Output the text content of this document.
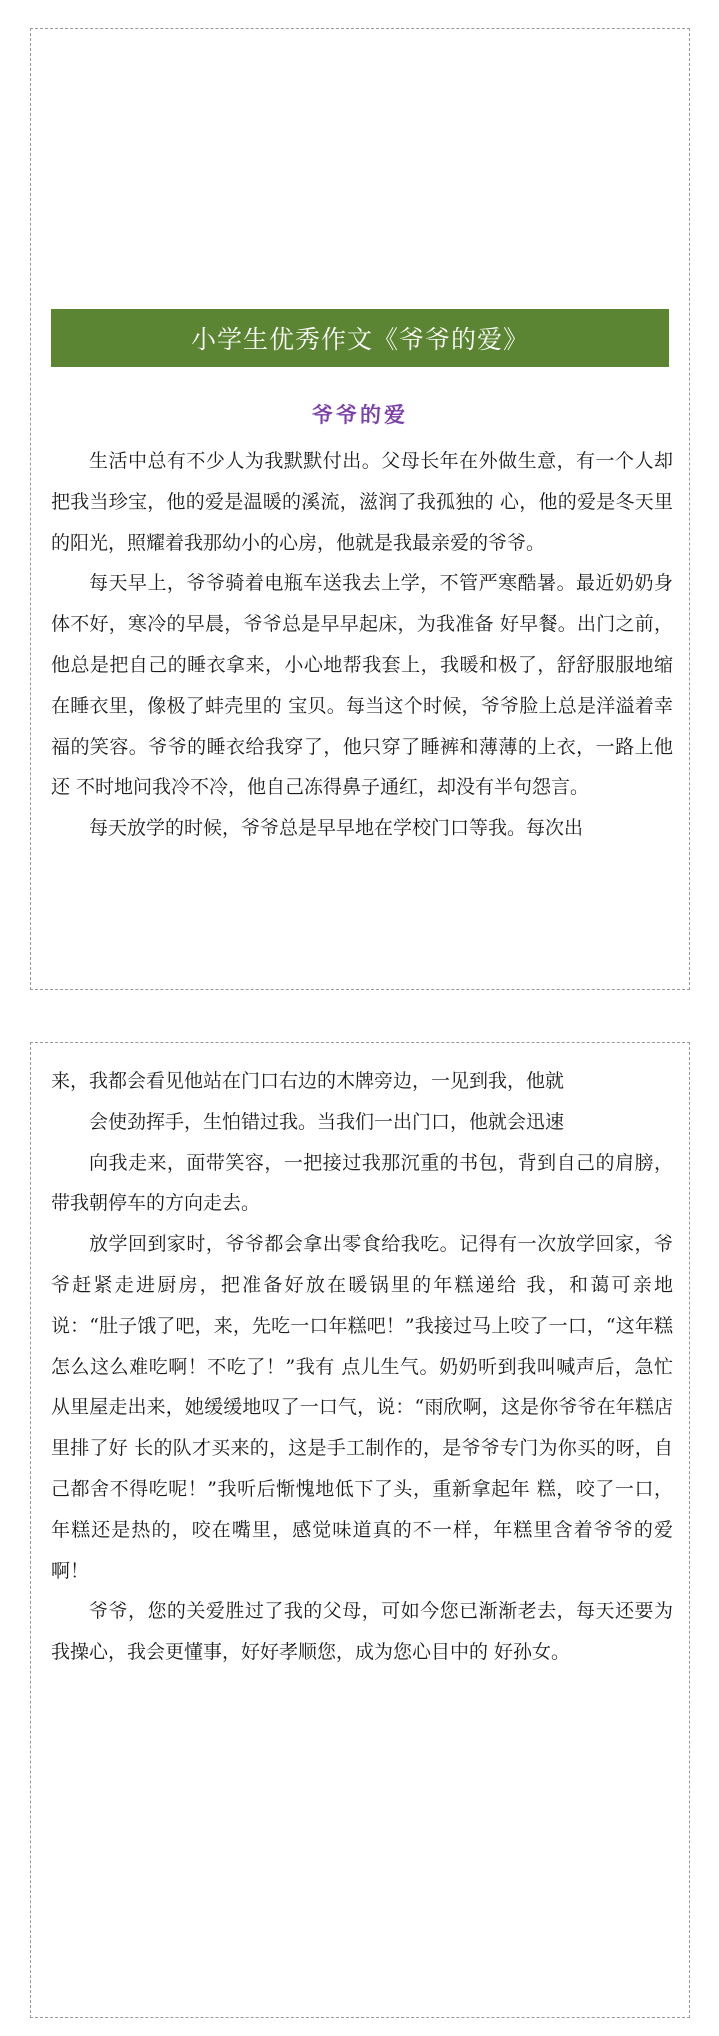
小学生优秀作文《爷爷的爱》
爷爷的爱

生活中总有不少人为我默默付出。父母长年在外做生意，有一个人却把我当珍宝，他的爱是温暖的溪流，滋润了我孤独的 心，他的爱是冬天里的阳光，照耀着我那幼小的心房，他就是我最亲爱的爷爷。

每天早上，爷爷骑着电瓶车送我去上学，不管严寒酷暑。最近奶奶身体不好，寒冷的早晨，爷爷总是早早起床，为我准备 好早餐。出门之前，他总是把自己的睡衣拿来，小心地帮我套上，我暖和极了，舒舒服服地缩在睡衣里，像极了蚌壳里的 宝贝。每当这个时候，爷爷脸上总是洋溢着幸福的笑容。爷爷的睡衣给我穿了，他只穿了睡裤和薄薄的上衣，一路上他还 不时地问我冷不冷，他自己冻得鼻子通红，却没有半句怨言。

每天放学的时候，爷爷总是早早地在学校门口等我。每次出

来，我都会看见他站在门口右边的木牌旁边，一见到我，他就

会使劲挥手，生怕错过我。当我们一出门口，他就会迅速

向我走来，面带笑容，一把接过我那沉重的书包，背到自己的肩膀，带我朝停车的方向走去。

放学回到家时，爷爷都会拿出零食给我吃。记得有一次放学回家，爷爷赶紧走进厨房，把准备好放在暖锅里的年糕递给 我，和蔼可亲地说：“肚子饿了吧，来，先吃一口年糕吧！”我接过马上咬了一口，“这年糕怎么这么难吃啊！不吃了！”我有 点儿生气。奶奶听到我叫喊声后，急忙从里屋走出来，她缓缓地叹了一口气，说：“雨欣啊，这是你爷爷在年糕店里排了好 长的队才买来的，这是手工制作的，是爷爷专门为你买的呀，自己都舍不得吃呢！”我听后惭愧地低下了头，重新拿起年 糕，咬了一口，年糕还是热的，咬在嘴里，感觉味道真的不一样，年糕里含着爷爷的爱啊！

爷爷，您的关爱胜过了我的父母，可如今您已渐渐老去，每天还要为我操心，我会更懂事，好好孝顺您，成为您心目中的 好孙女。
